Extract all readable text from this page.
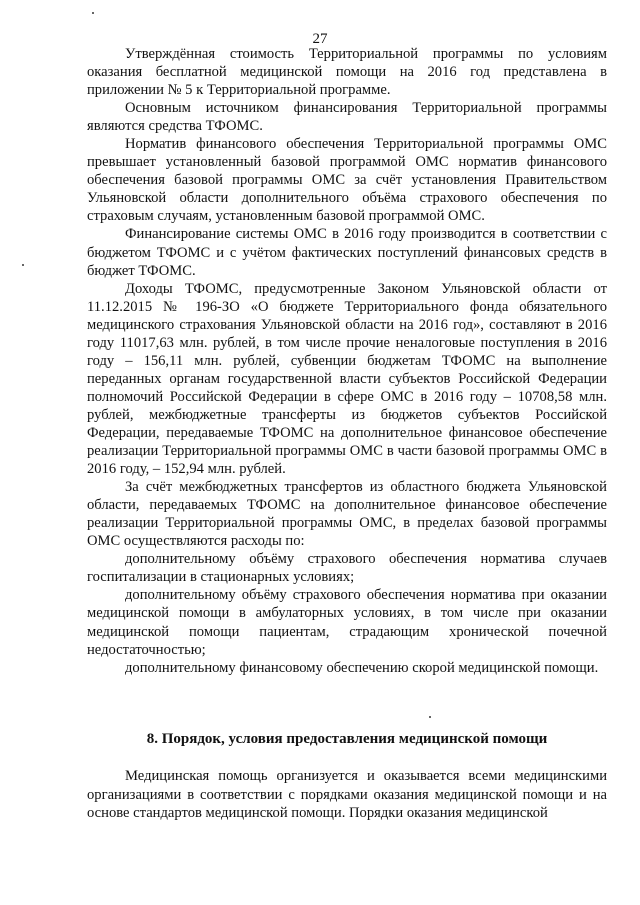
27

Утверждённая стоимость Территориальной программы по условиям оказания бесплатной медицинской помощи на 2016 год представлена в приложении № 5 к Территориальной программе.

Основным источником финансирования Территориальной программы являются средства ТФОМС.

Норматив финансового обеспечения Территориальной программы ОМС превышает установленный базовой программой ОМС норматив финансового обеспечения базовой программы ОМС за счёт установления Правительством Ульяновской области дополнительного объёма страхового обеспечения по страховым случаям, установленным базовой программой ОМС.

Финансирование системы ОМС в 2016 году производится в соответствии с бюджетом ТФОМС и с учётом фактических поступлений финансовых средств в бюджет ТФОМС.

Доходы ТФОМС, предусмотренные Законом Ульяновской области от 11.12.2015 № 196-ЗО «О бюджете Территориального фонда обязательного медицинского страхования Ульяновской области на 2016 год», составляют в 2016 году 11017,63 млн. рублей, в том числе прочие неналоговые поступления в 2016 году – 156,11 млн. рублей, субвенции бюджетам ТФОМС на выполнение переданных органам государственной власти субъектов Российской Федерации полномочий Российской Федерации в сфере ОМС в 2016 году – 10708,58 млн. рублей, межбюджетные трансферты из бюджетов субъектов Российской Федерации, передаваемые ТФОМС на дополнительное финансовое обеспечение реализации Территориальной программы ОМС в части базовой программы ОМС в 2016 году, – 152,94 млн. рублей.

За счёт межбюджетных трансфертов из областного бюджета Ульяновской области, передаваемых ТФОМС на дополнительное финансовое обеспечение реализации Территориальной программы ОМС, в пределах базовой программы ОМС осуществляются расходы по:

дополнительному объёму страхового обеспечения норматива случаев госпитализации в стационарных условиях;

дополнительному объёму страхового обеспечения норматива при оказании медицинской помощи в амбулаторных условиях, в том числе при оказании медицинской помощи пациентам, страдающим хронической почечной недостаточностью;

дополнительному финансовому обеспечению скорой медицинской помощи.

8. Порядок, условия предоставления медицинской помощи

Медицинская помощь организуется и оказывается всеми медицинскими организациями в соответствии с порядками оказания медицинской помощи и на основе стандартов медицинской помощи. Порядки оказания медицинской
